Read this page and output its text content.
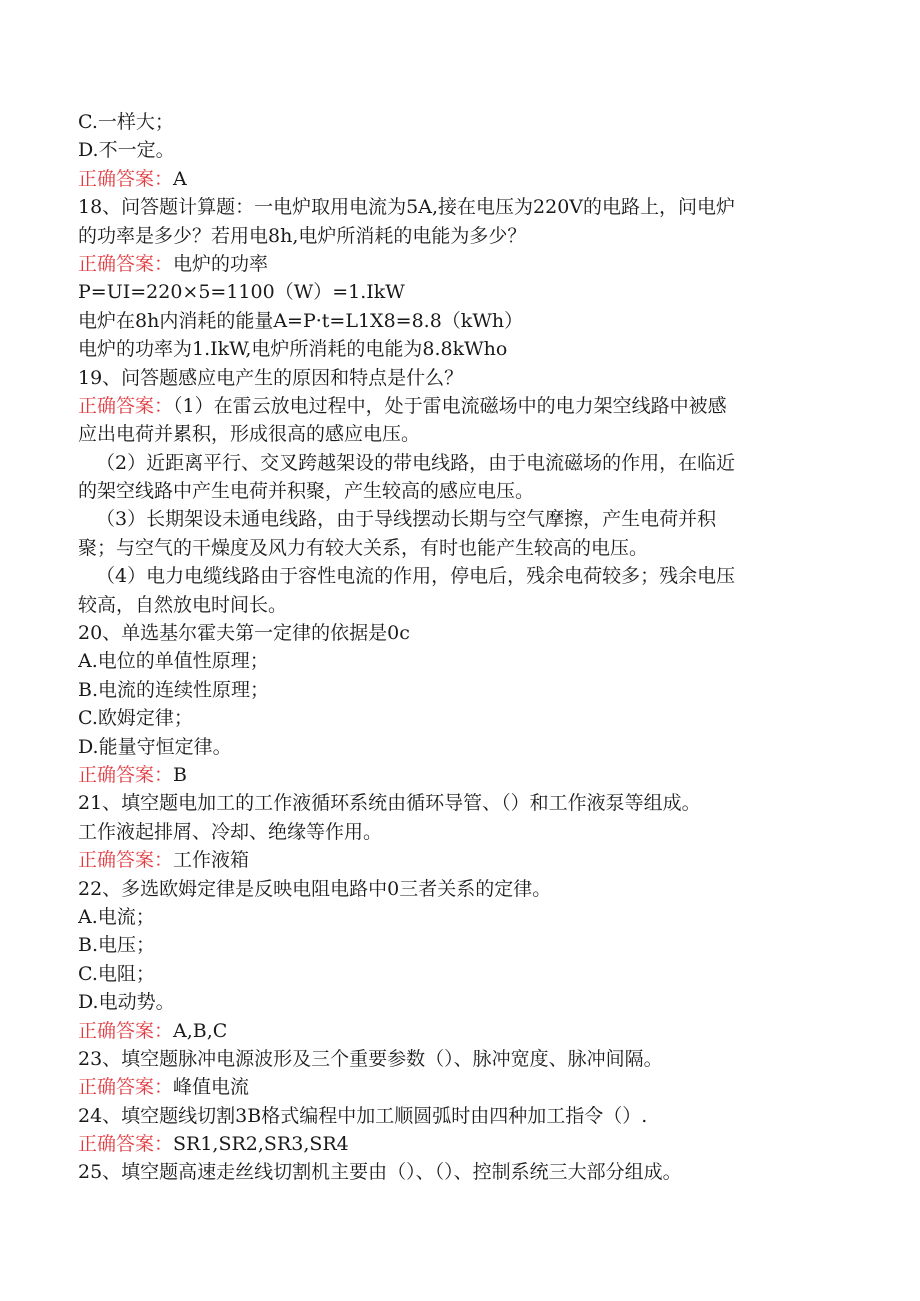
C.一样大；
D.不一定。
正确答案：A
18、问答题计算题：一电炉取用电流为5A,接在电压为220V的电路上，问电炉
的功率是多少？若用电8h,电炉所消耗的电能为多少？
正确答案：电炉的功率
P=UI=220×5=1100（W）=1.IkW
电炉在8h内消耗的能量A=P·t=L1X8=8.8（kWh）
电炉的功率为1.IkW,电炉所消耗的电能为8.8kWho
19、问答题感应电产生的原因和特点是什么？
正确答案：（1）在雷云放电过程中，处于雷电流磁场中的电力架空线路中被感
应出电荷并累积，形成很高的感应电压。
（2）近距离平行、交叉跨越架设的带电线路，由于电流磁场的作用，在临近
的架空线路中产生电荷并积聚，产生较高的感应电压。
（3）长期架设未通电线路，由于导线摆动长期与空气摩擦，产生电荷并积
聚；与空气的干燥度及风力有较大关系，有时也能产生较高的电压。
（4）电力电缆线路由于容性电流的作用，停电后，残余电荷较多；残余电压
较高，自然放电时间长。
20、单选基尔霍夫第一定律的依据是0c
A.电位的单值性原理；
B.电流的连续性原理；
C.欧姆定律；
D.能量守恒定律。
正确答案：B
21、填空题电加工的工作液循环系统由循环导管、（）和工作液泵等组成。
工作液起排屑、冷却、绝缘等作用。
正确答案：工作液箱
22、多选欧姆定律是反映电阻电路中0三者关系的定律。
A.电流；
B.电压；
C.电阻；
D.电动势。
正确答案：A,B,C
23、填空题脉冲电源波形及三个重要参数（）、脉冲宽度、脉冲间隔。
正确答案：峰值电流
24、填空题线切割3B格式编程中加工顺圆弧时由四种加工指令（）.
正确答案：SR1,SR2,SR3,SR4
25、填空题高速走丝线切割机主要由（）、（）、控制系统三大部分组成。
